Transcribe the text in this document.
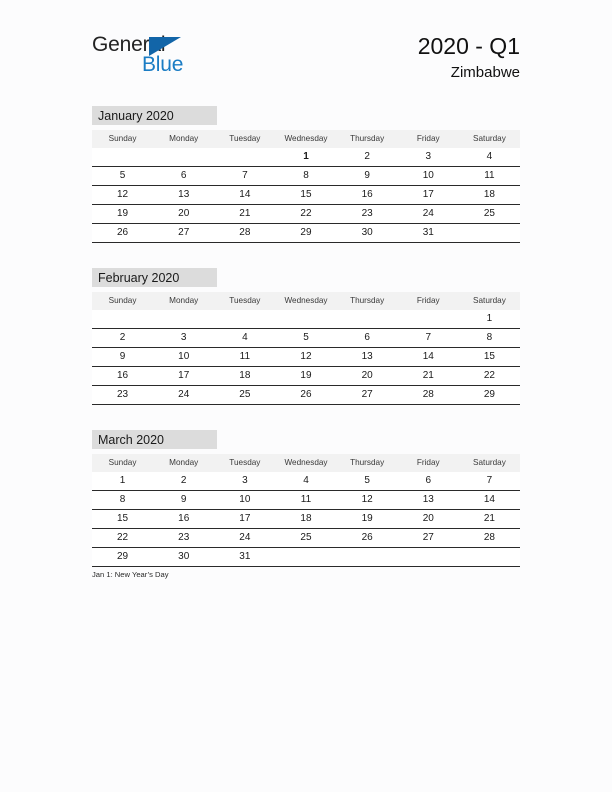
General
Blue
2020 - Q1
Zimbabwe
January 2020
Sunday	Monday	Tuesday	Wednesday	Thursday	Friday	Saturday
			1	2	3	4
5	6	7	8	9	10	11
12	13	14	15	16	17	18
19	20	21	22	23	24	25
26	27	28	29	30	31	
February 2020
Sunday	Monday	Tuesday	Wednesday	Thursday	Friday	Saturday
						1
2	3	4	5	6	7	8
9	10	11	12	13	14	15
16	17	18	19	20	21	22
23	24	25	26	27	28	29
March 2020
Sunday	Monday	Tuesday	Wednesday	Thursday	Friday	Saturday
1	2	3	4	5	6	7
8	9	10	11	12	13	14
15	16	17	18	19	20	21
22	23	24	25	26	27	28
29	30	31				
Jan 1: New Year’s Day
